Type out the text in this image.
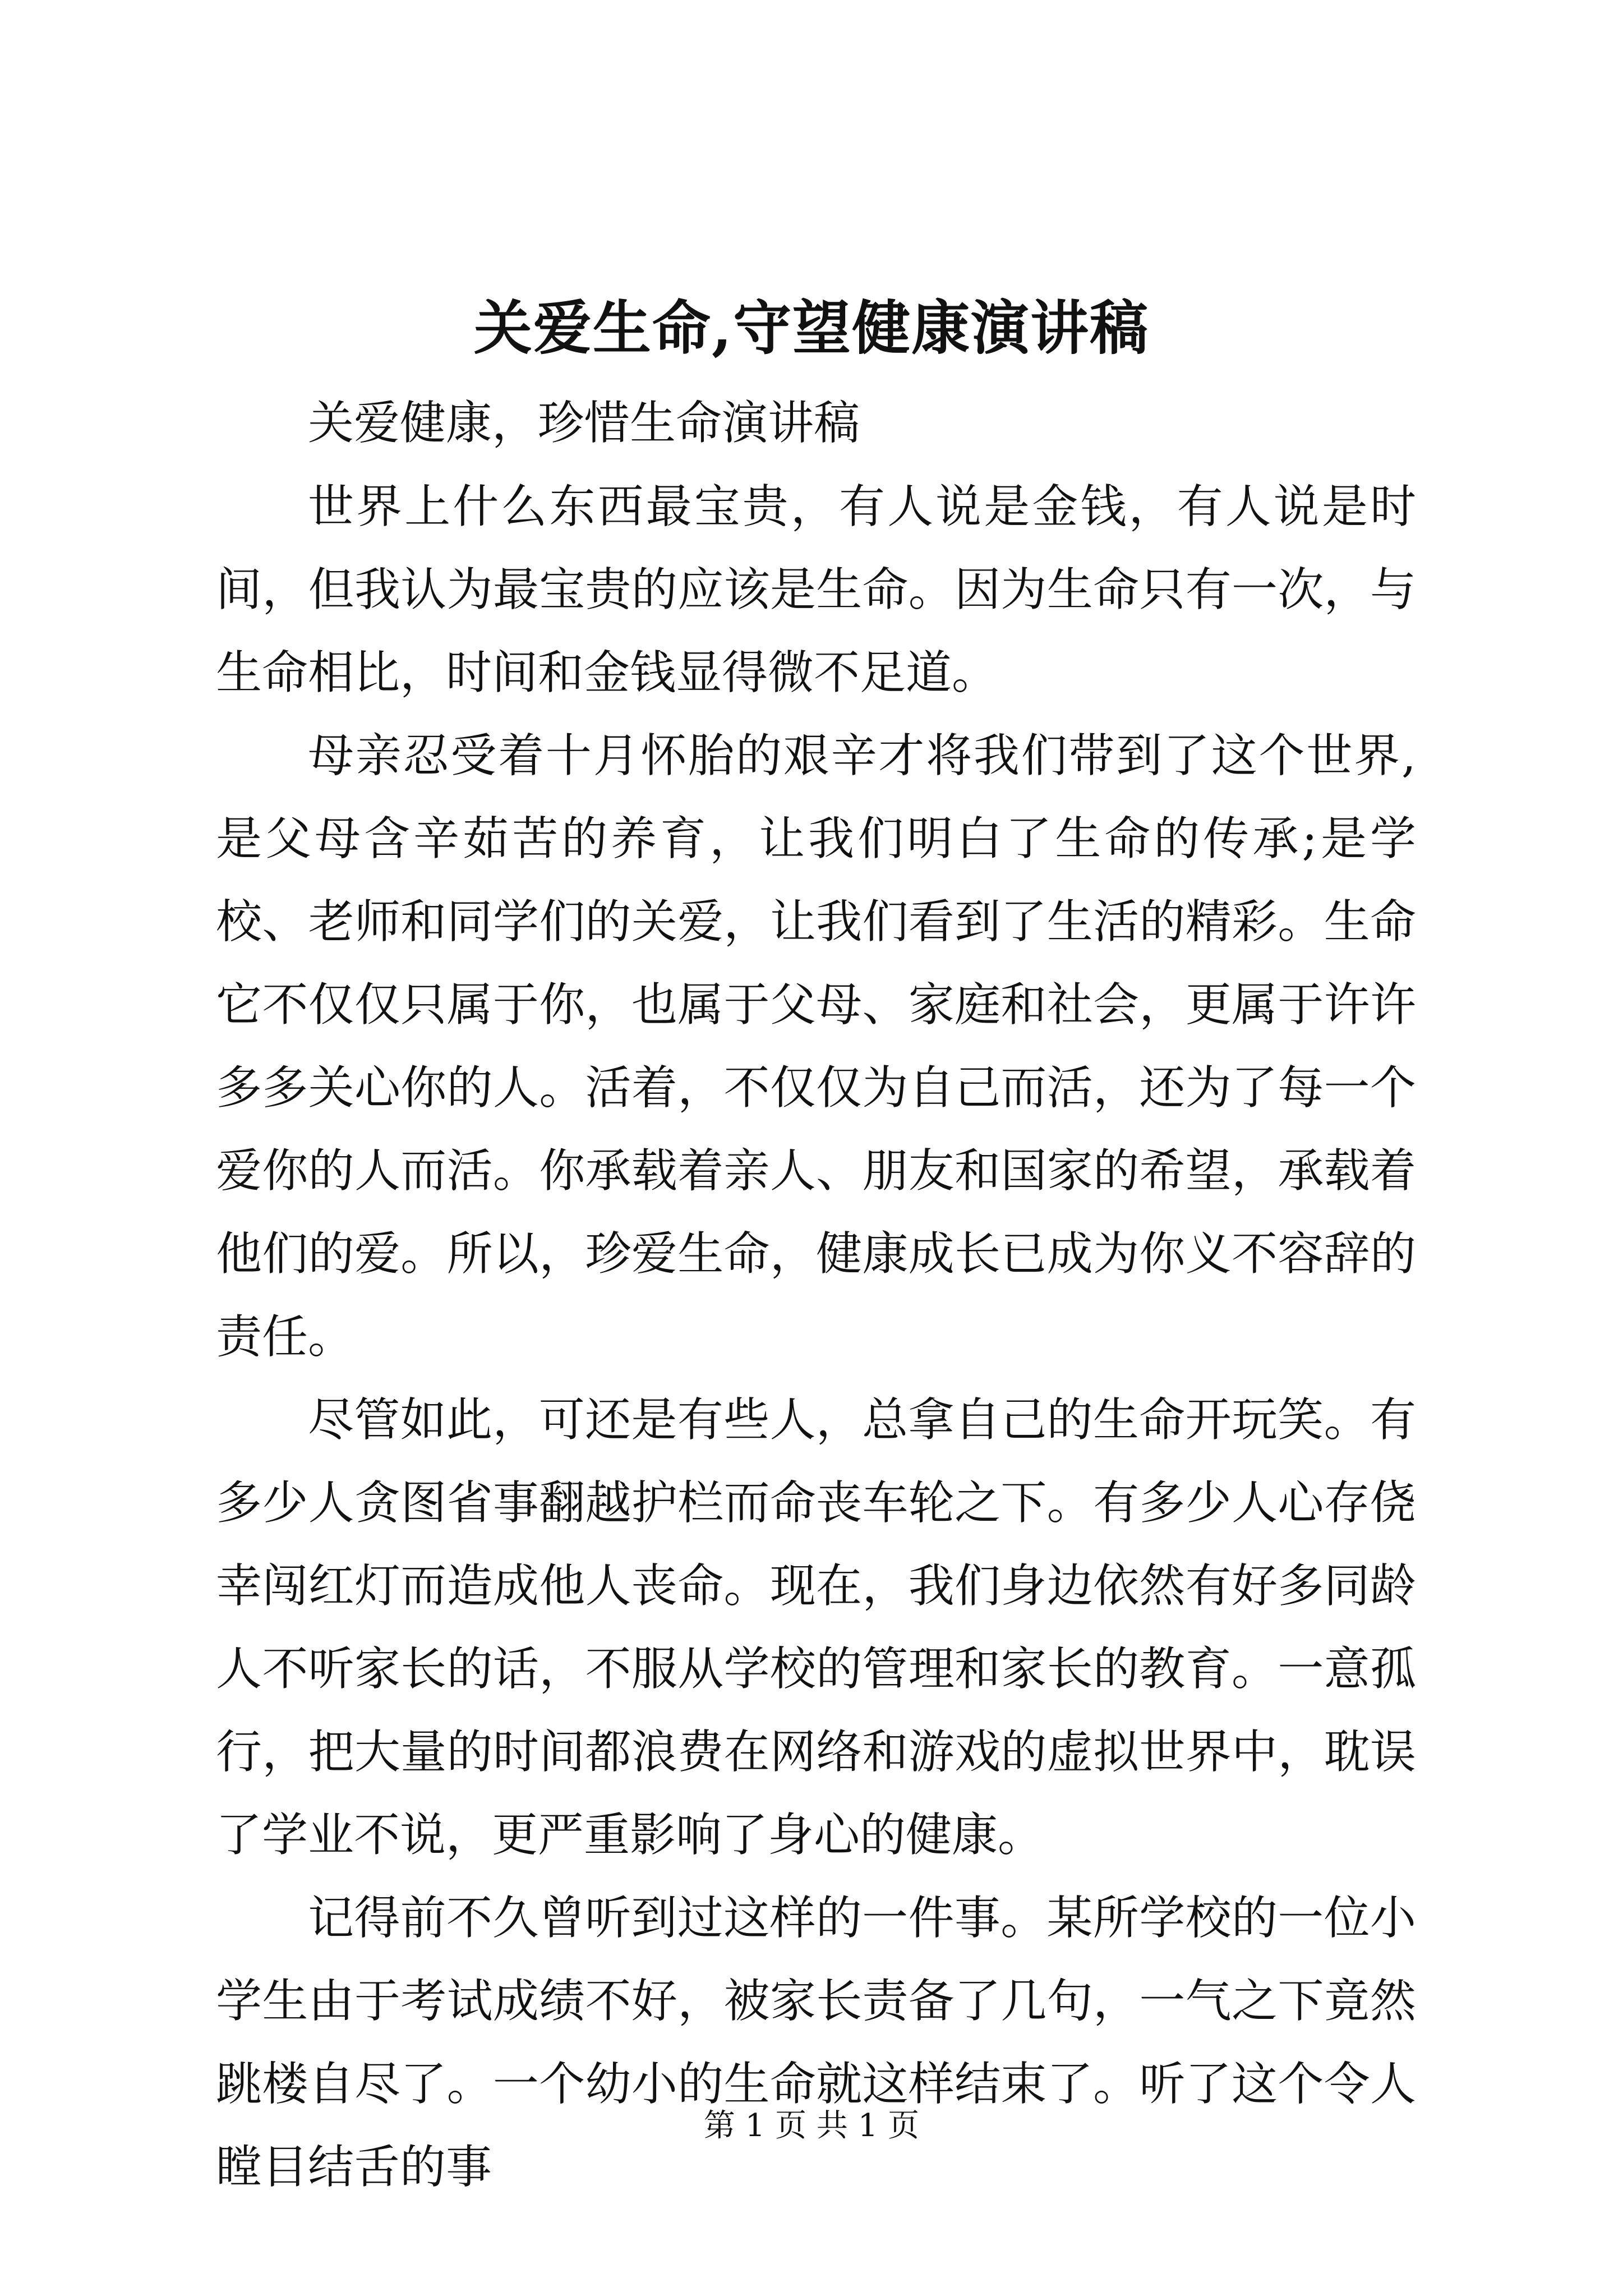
关爱生命,守望健康演讲稿

关爱健康，珍惜生命演讲稿

世界上什么东西最宝贵，有人说是金钱，有人说是时间，但我认为最宝贵的应该是生命。因为生命只有一次，与生命相比，时间和金钱显得微不足道。

母亲忍受着十月怀胎的艰辛才将我们带到了这个世界,是父母含辛茹苦的养育，让我们明白了生命的传承;是学校、老师和同学们的关爱，让我们看到了生活的精彩。生命它不仅仅只属于你，也属于父母、家庭和社会，更属于许许多多关心你的人。活着，不仅仅为自己而活，还为了每一个爱你的人而活。你承载着亲人、朋友和国家的希望，承载着他们的爱。所以，珍爱生命，健康成长已成为你义不容辞的责任。

尽管如此，可还是有些人，总拿自己的生命开玩笑。有多少人贪图省事翻越护栏而命丧车轮之下。有多少人心存侥幸闯红灯而造成他人丧命。现在，我们身边依然有好多同龄人不听家长的话，不服从学校的管理和家长的教育。一意孤行，把大量的时间都浪费在网络和游戏的虚拟世界中，耽误了学业不说，更严重影响了身心的健康。

记得前不久曾听到过这样的一件事。某所学校的一位小学生由于考试成绩不好，被家长责备了几句，一气之下竟然跳楼自尽了。一个幼小的生命就这样结束了。听了这个令人瞠目结舌的事

第 1 页 共 1 页
